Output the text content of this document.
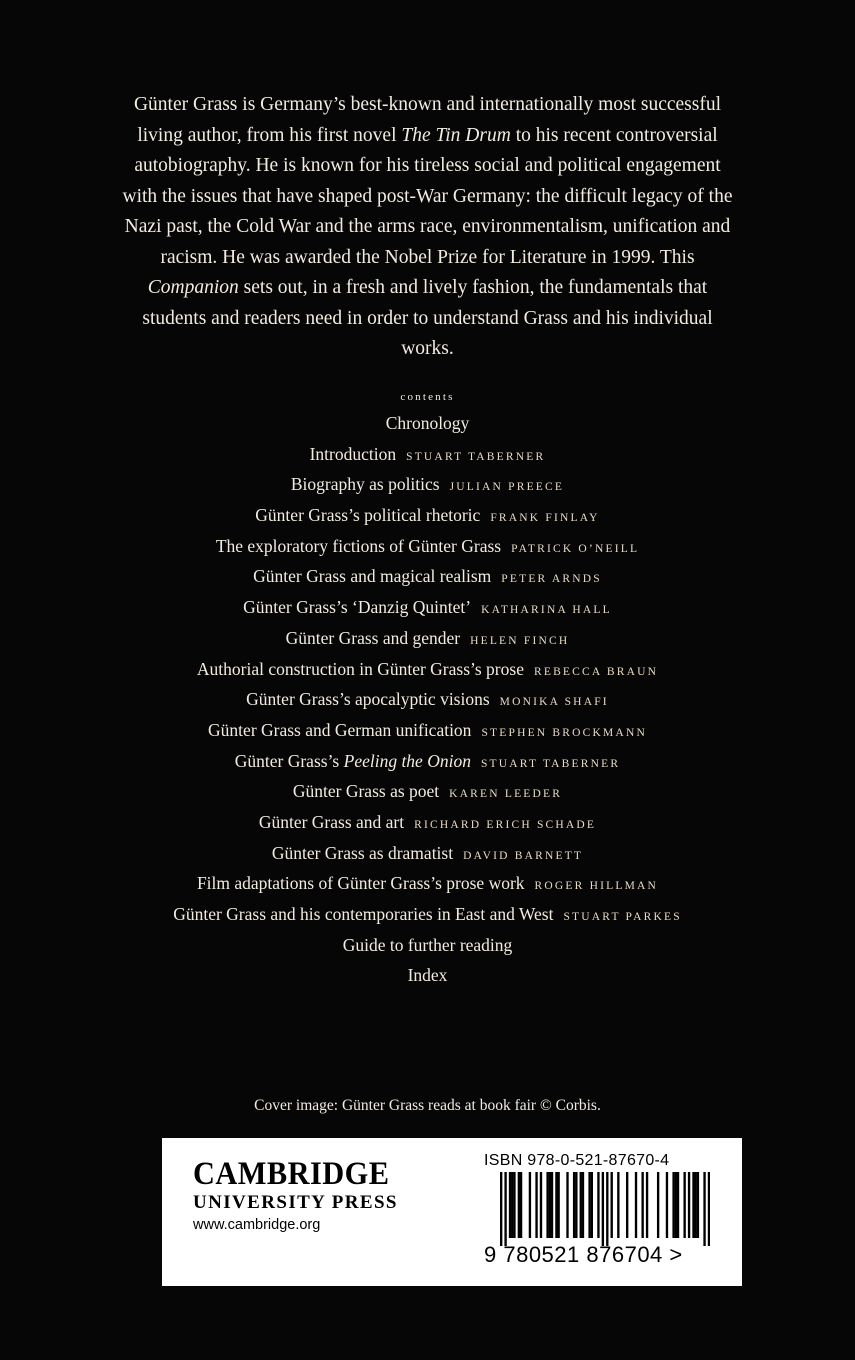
Günter Grass is Germany’s best-known and internationally most successful living author, from his first novel The Tin Drum to his recent controversial autobiography. He is known for his tireless social and political engagement with the issues that have shaped post-War Germany: the difficult legacy of the Nazi past, the Cold War and the arms race, environmentalism, unification and racism. He was awarded the Nobel Prize for Literature in 1999. This Companion sets out, in a fresh and lively fashion, the fundamentals that students and readers need in order to understand Grass and his individual works.

contents
Chronology
Introduction STUART TABERNER
Biography as politics JULIAN PREECE
Günter Grass’s political rhetoric FRANK FINLAY
The exploratory fictions of Günter Grass PATRICK O’NEILL
Günter Grass and magical realism PETER ARNDS
Günter Grass’s ‘Danzig Quintet’ KATHARINA HALL
Günter Grass and gender HELEN FINCH
Authorial construction in Günter Grass’s prose REBECCA BRAUN
Günter Grass’s apocalyptic visions MONIKA SHAFI
Günter Grass and German unification STEPHEN BROCKMANN
Günter Grass’s Peeling the Onion STUART TABERNER
Günter Grass as poet KAREN LEEDER
Günter Grass and art RICHARD ERICH SCHADE
Günter Grass as dramatist DAVID BARNETT
Film adaptations of Günter Grass’s prose work ROGER HILLMAN
Günter Grass and his contemporaries in East and West STUART PARKES
Guide to further reading
Index
Cover image: Günter Grass reads at book fair © Corbis.
CAMBRIDGE
UNIVERSITY PRESS
www.cambridge.org
ISBN 978-0-521-87670-4
9 780521 876704 >
